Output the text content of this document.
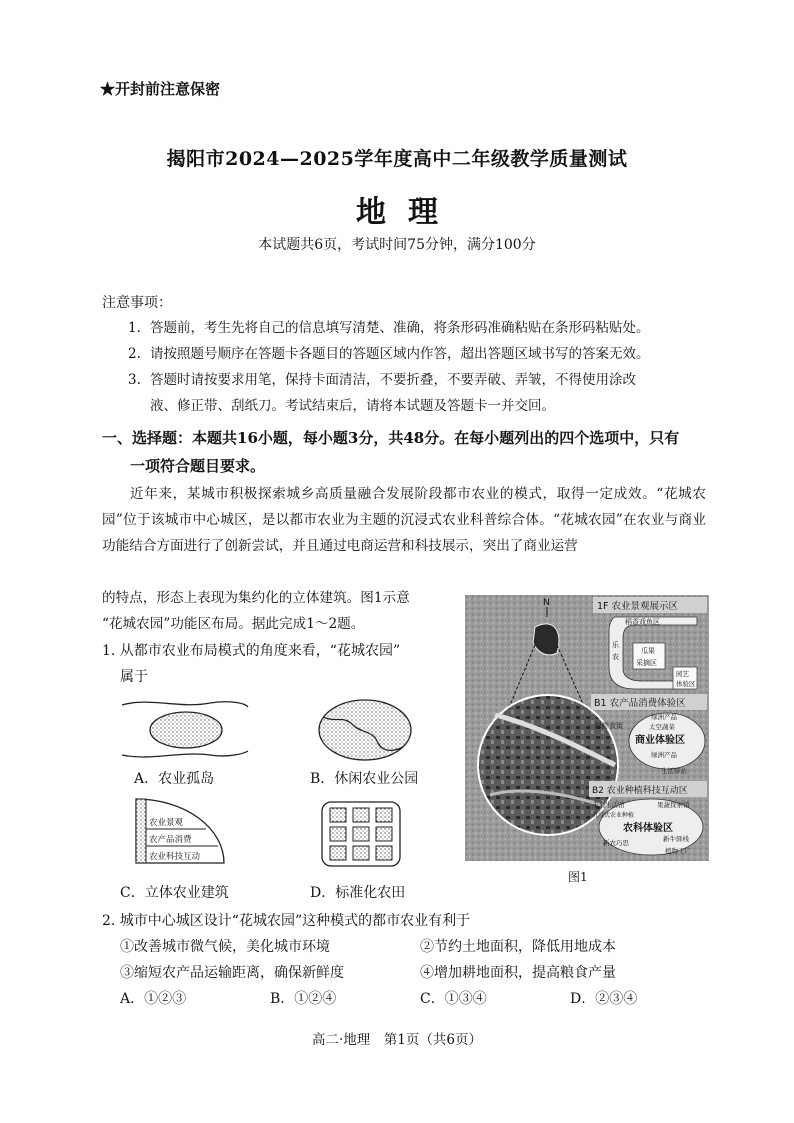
★开封前注意保密
揭阳市2024—2025学年度高中二年级教学质量测试
地理
本试题共6页，考试时间75分钟，满分100分
注意事项：
1. 答题前，考生先将自己的信息填写清楚、准确，将条形码准确粘贴在条形码粘贴处。
2. 请按照题号顺序在答题卡各题目的答题区域内作答，超出答题区域书写的答案无效。
3. 答题时请按要求用笔，保持卡面清洁，不要折叠，不要弄破、弄皱，不得使用涂改
液、修正带、刮纸刀。考试结束后，请将本试题及答题卡一并交回。
一、选择题：本题共16小题，每小题3分，共48分。在每小题列出的四个选项中，只有
一项符合题目要求。
近年来，某城市积极探索城乡高质量融合发展阶段都市农业的模式，取得一定成效。“花城农园”位于该城市中心城区，是以都市农业为主题的沉浸式农业科普综合体。“花城农园”在农业与商业功能结合方面进行了创新尝试，并且通过电商运营和科技展示，突出了商业运营
的特点，形态上表现为集约化的立体建筑。图1示意
“花城农园”功能区布局。据此完成1～2题。
1. 从都市农业布局模式的角度来看，“花城农园”
属于
A．农业孤岛	B．休闲农业公园
农业景观
农产品消费
农业科技互动
C．立体农业建筑	D．标准化农田
N	1F 农业景观展示区
稻香戏鱼区
乐
农
瓜果
采摘区
园艺
体验区
B1 农产品消费体验区
绿洲产品
太空蔬菜
绿野食街
商业体验区
绿洲产品
生活驿站
B2 农业种植科技互动区
未来生活馆	果蔬探索馆
沉浸式农业种植
农科体验区
新农巧思	新牛驿栈
植物工厂
图1
2. 城市中心城区设计“花城农园”这种模式的都市农业有利于
①改善城市微气候，美化城市环境	②节约土地面积，降低用地成本
③缩短农产品运输距离，确保新鲜度	④增加耕地面积，提高粮食产量
A．①②③	B．①②④	C．①③④	D．②③④
高二·地理　第1页（共6页）
